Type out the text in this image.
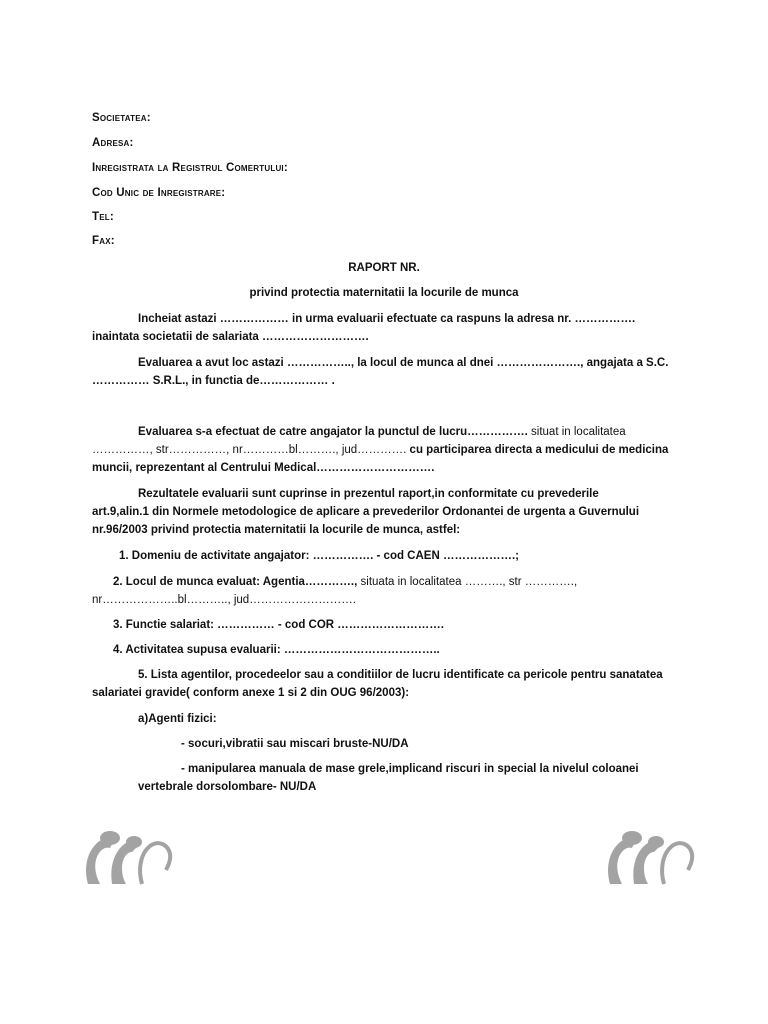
Societatea:
Adresa:
Inregistrata la Registrul Comertului:
Cod Unic de Inregistrare:
Tel:
Fax:
RAPORT NR.
privind protectia maternitatii la locurile de munca
Incheiat astazi ……………… in urma evaluarii efectuate ca raspuns la adresa nr. …………….
inaintata societatii de salariata ……………………….
Evaluarea a avut loc astazi …………….., la locul de munca al dnei …………………., angajata a S.C.
…………… S.R.L., in functia de……………… .
Evaluarea s-a efectuat de catre angajator la punctul de lucru……………. situat in localitatea
……………, str……………, nr…………bl………., jud…………. cu participarea directa a medicului de medicina
muncii, reprezentant al Centrului Medical………………………….
Rezultatele evaluarii sunt cuprinse in prezentul raport,in conformitate cu prevederile
art.9,alin.1 din Normele metodologice de aplicare a prevederilor Ordonantei de urgenta a Guvernului
nr.96/2003 privind protectia maternitatii la locurile de munca, astfel:
1. Domeniu de activitate angajator: ……………. - cod CAEN ……………….;
2. Locul de munca evaluat: Agentia…………., situata in localitatea ………., str ………….,
nr………………..bl……….., jud……………………….
3. Functie salariat: …………… - cod COR ……………………….
4. Activitatea supusa evaluarii: …………………………………..
5. Lista agentilor, procedeelor sau a conditiilor de lucru identificate ca pericole pentru sanatatea
salariatei gravide( conform anexe 1 si 2 din OUG 96/2003):
a)Agenti fizici:
- socuri,vibratii sau miscari bruste-NU/DA
- manipularea manuala de mase grele,implicand riscuri in special la nivelul coloanei
vertebrale dorsolombare- NU/DA
